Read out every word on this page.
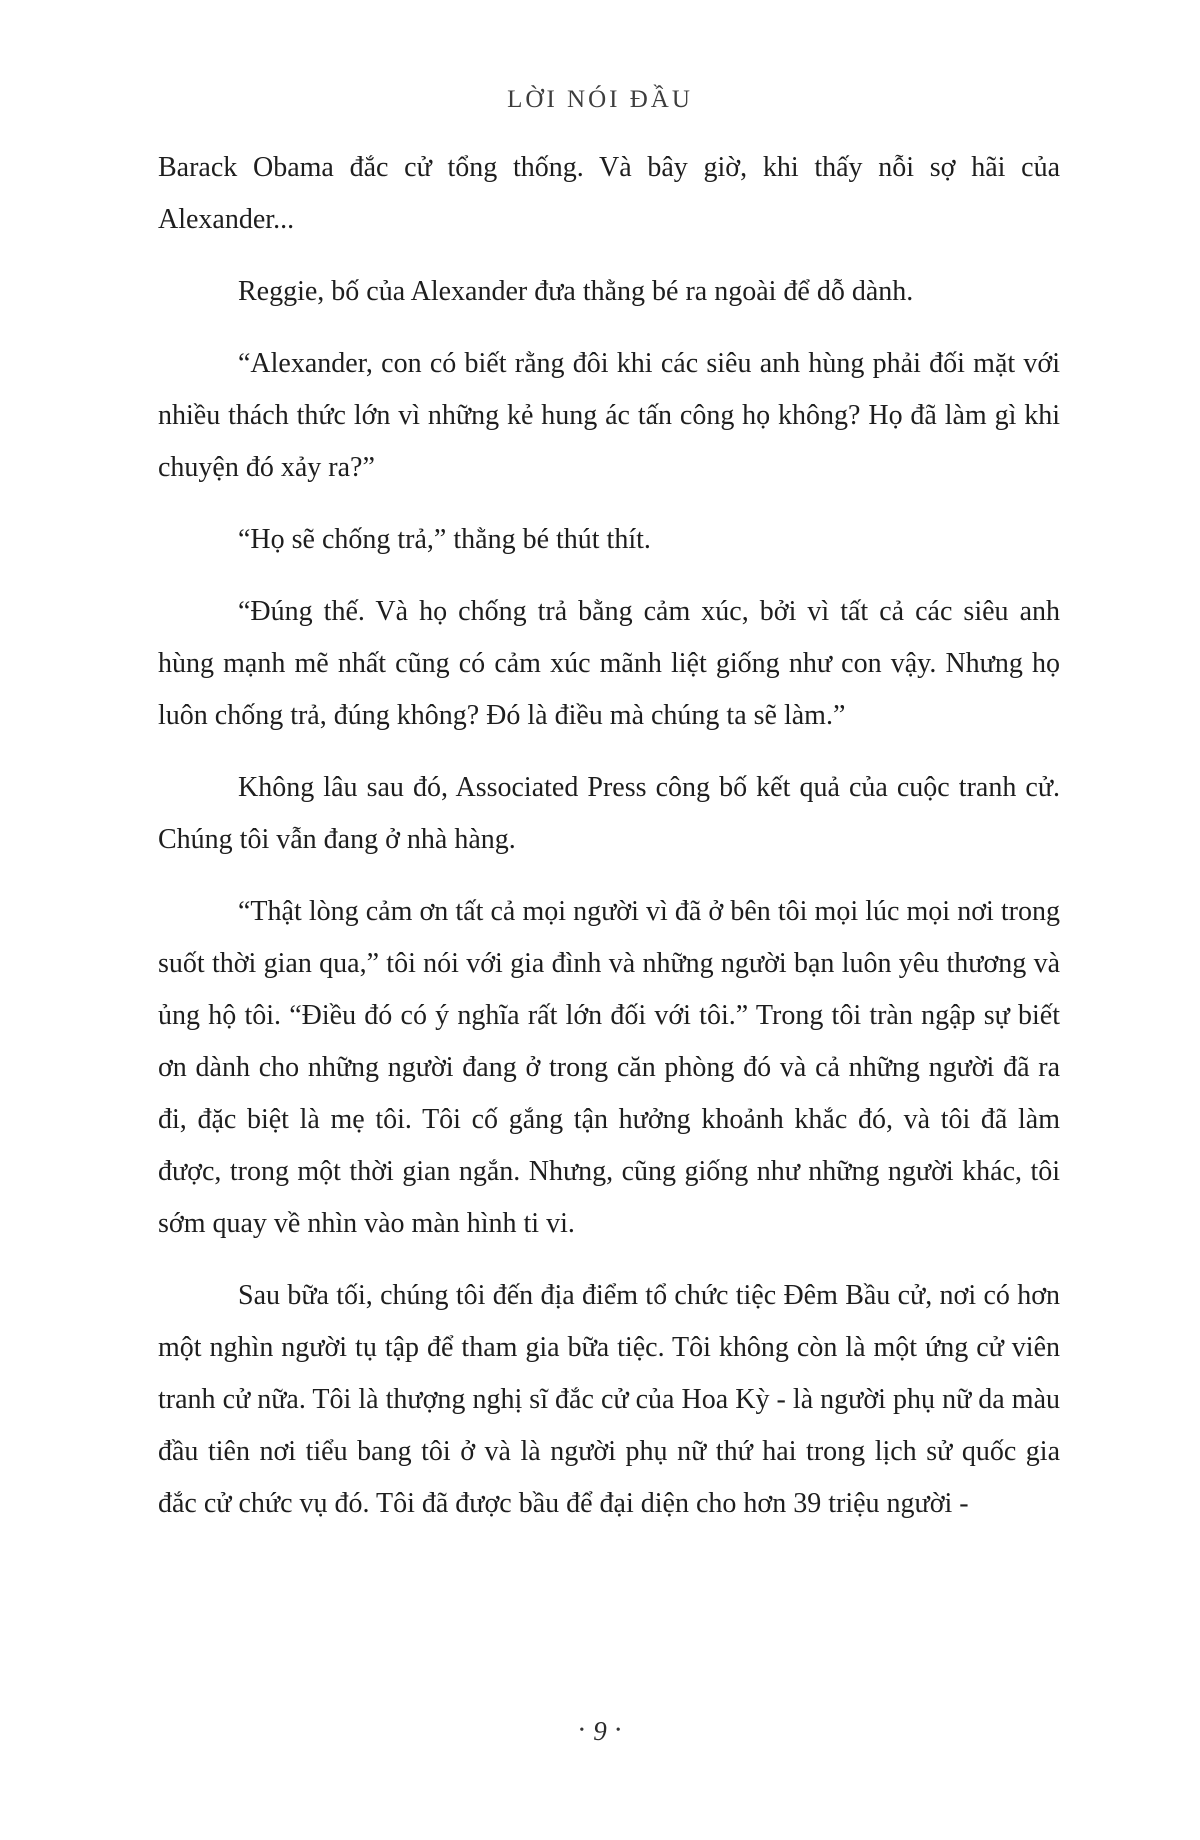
LỜI NÓI ĐẦU

Barack Obama đắc cử tổng thống. Và bây giờ, khi thấy nỗi sợ hãi của Alexander...

Reggie, bố của Alexander đưa thằng bé ra ngoài để dỗ dành.

“Alexander, con có biết rằng đôi khi các siêu anh hùng phải đối mặt với nhiều thách thức lớn vì những kẻ hung ác tấn công họ không? Họ đã làm gì khi chuyện đó xảy ra?”

“Họ sẽ chống trả,” thằng bé thút thít.

“Đúng thế. Và họ chống trả bằng cảm xúc, bởi vì tất cả các siêu anh hùng mạnh mẽ nhất cũng có cảm xúc mãnh liệt giống như con vậy. Nhưng họ luôn chống trả, đúng không? Đó là điều mà chúng ta sẽ làm.”

Không lâu sau đó, Associated Press công bố kết quả của cuộc tranh cử. Chúng tôi vẫn đang ở nhà hàng.

“Thật lòng cảm ơn tất cả mọi người vì đã ở bên tôi mọi lúc mọi nơi trong suốt thời gian qua,” tôi nói với gia đình và những người bạn luôn yêu thương và ủng hộ tôi. “Điều đó có ý nghĩa rất lớn đối với tôi.” Trong tôi tràn ngập sự biết ơn dành cho những người đang ở trong căn phòng đó và cả những người đã ra đi, đặc biệt là mẹ tôi. Tôi cố gắng tận hưởng khoảnh khắc đó, và tôi đã làm được, trong một thời gian ngắn. Nhưng, cũng giống như những người khác, tôi sớm quay về nhìn vào màn hình ti vi.

Sau bữa tối, chúng tôi đến địa điểm tổ chức tiệc Đêm Bầu cử, nơi có hơn một nghìn người tụ tập để tham gia bữa tiệc. Tôi không còn là một ứng cử viên tranh cử nữa. Tôi là thượng nghị sĩ đắc cử của Hoa Kỳ - là người phụ nữ da màu đầu tiên nơi tiểu bang tôi ở và là người phụ nữ thứ hai trong lịch sử quốc gia đắc cử chức vụ đó. Tôi đã được bầu để đại diện cho hơn 39 triệu người -

• 9 •
